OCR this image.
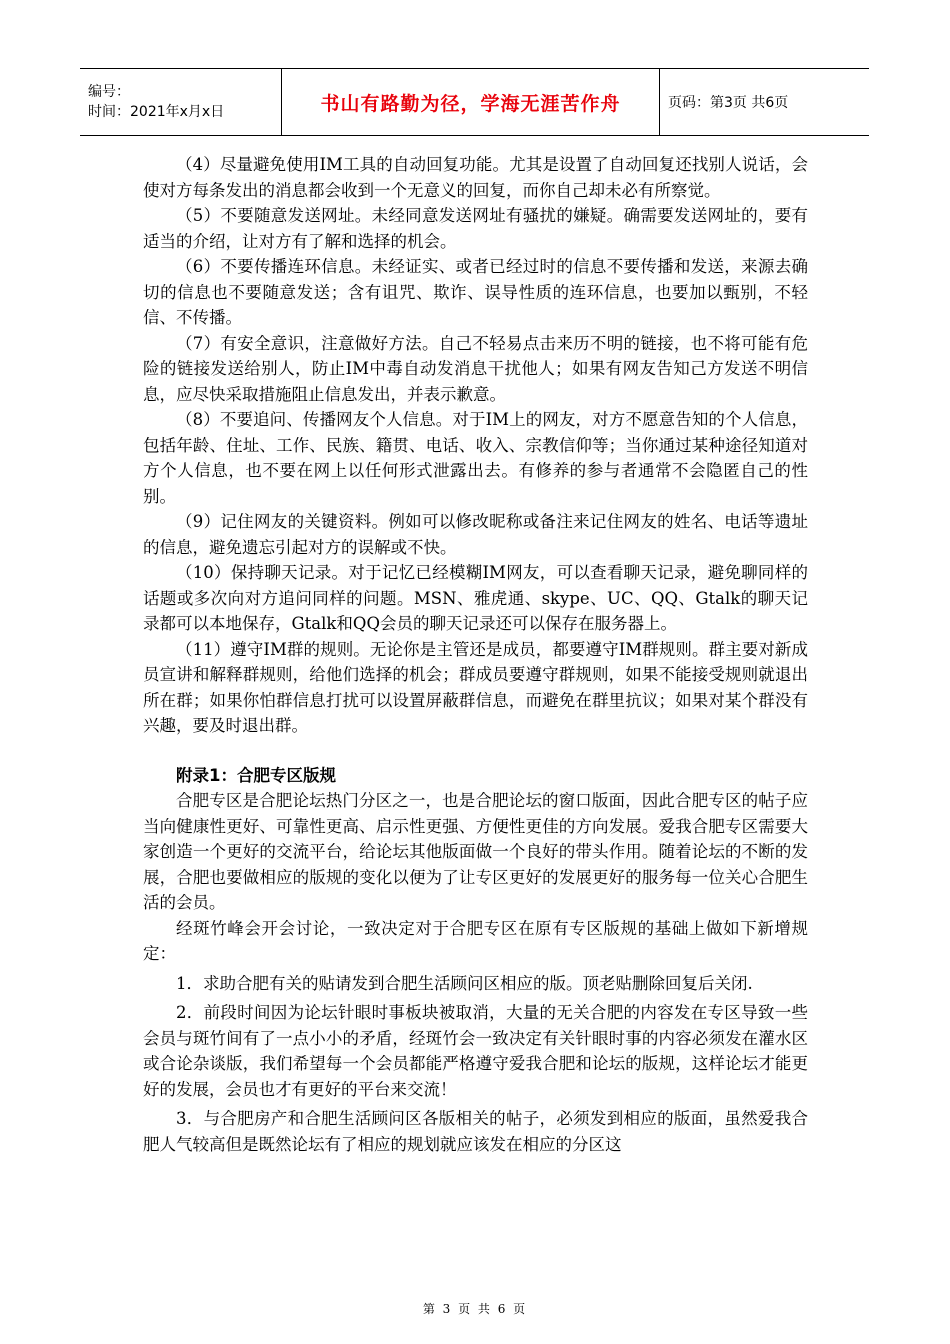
编号：
时间：2021年x月x日	书山有路勤为径，学海无涯苦作舟	页码：第3页 共6页

（4）尽量避免使用IM工具的自动回复功能。尤其是设置了自动回复还找别人说话，会使对方每条发出的消息都会收到一个无意义的回复，而你自己却未必有所察觉。

（5）不要随意发送网址。未经同意发送网址有骚扰的嫌疑。确需要发送网址的，要有适当的介绍，让对方有了解和选择的机会。

（6）不要传播连环信息。未经证实、或者已经过时的信息不要传播和发送，来源去确切的信息也不要随意发送；含有诅咒、欺诈、误导性质的连环信息，也要加以甄别，不轻信、不传播。

（7）有安全意识，注意做好方法。自己不轻易点击来历不明的链接，也不将可能有危险的链接发送给别人，防止IM中毒自动发消息干扰他人；如果有网友告知己方发送不明信息，应尽快采取措施阻止信息发出，并表示歉意。

（8）不要追问、传播网友个人信息。对于IM上的网友，对方不愿意告知的个人信息，包括年龄、住址、工作、民族、籍贯、电话、收入、宗教信仰等；当你通过某种途径知道对方个人信息，也不要在网上以任何形式泄露出去。有修养的参与者通常不会隐匿自己的性别。

（9）记住网友的关键资料。例如可以修改昵称或备注来记住网友的姓名、电话等遗址的信息，避免遗忘引起对方的误解或不快。

（10）保持聊天记录。对于记忆已经模糊IM网友，可以查看聊天记录，避免聊同样的话题或多次向对方追问同样的问题。MSN、雅虎通、skype、UC、QQ、Gtalk的聊天记录都可以本地保存，Gtalk和QQ会员的聊天记录还可以保存在服务器上。

（11）遵守IM群的规则。无论你是主管还是成员，都要遵守IM群规则。群主要对新成员宣讲和解释群规则，给他们选择的机会；群成员要遵守群规则，如果不能接受规则就退出所在群；如果你怕群信息打扰可以设置屏蔽群信息，而避免在群里抗议；如果对某个群没有兴趣，要及时退出群。

附录1：合肥专区版规

合肥专区是合肥论坛热门分区之一，也是合肥论坛的窗口版面，因此合肥专区的帖子应当向健康性更好、可靠性更高、启示性更强、方便性更佳的方向发展。爱我合肥专区需要大家创造一个更好的交流平台，给论坛其他版面做一个良好的带头作用。随着论坛的不断的发展，合肥也要做相应的版规的变化以便为了让专区更好的发展更好的服务每一位关心合肥生活的会员。

经斑竹峰会开会讨论，一致决定对于合肥专区在原有专区版规的基础上做如下新增规定：

1．求助合肥有关的贴请发到合肥生活顾问区相应的版。顶老贴删除回复后关闭.

2．前段时间因为论坛针眼时事板块被取消，大量的无关合肥的内容发在专区导致一些会员与斑竹间有了一点小小的矛盾，经斑竹会一致决定有关针眼时事的内容必须发在灌水区或合论杂谈版，我们希望每一个会员都能严格遵守爱我合肥和论坛的版规，这样论坛才能更好的发展，会员也才有更好的平台来交流！

3．与合肥房产和合肥生活顾问区各版相关的帖子，必须发到相应的版面，虽然爱我合肥人气较高但是既然论坛有了相应的规划就应该发在相应的分区这

第 3 页 共 6 页
